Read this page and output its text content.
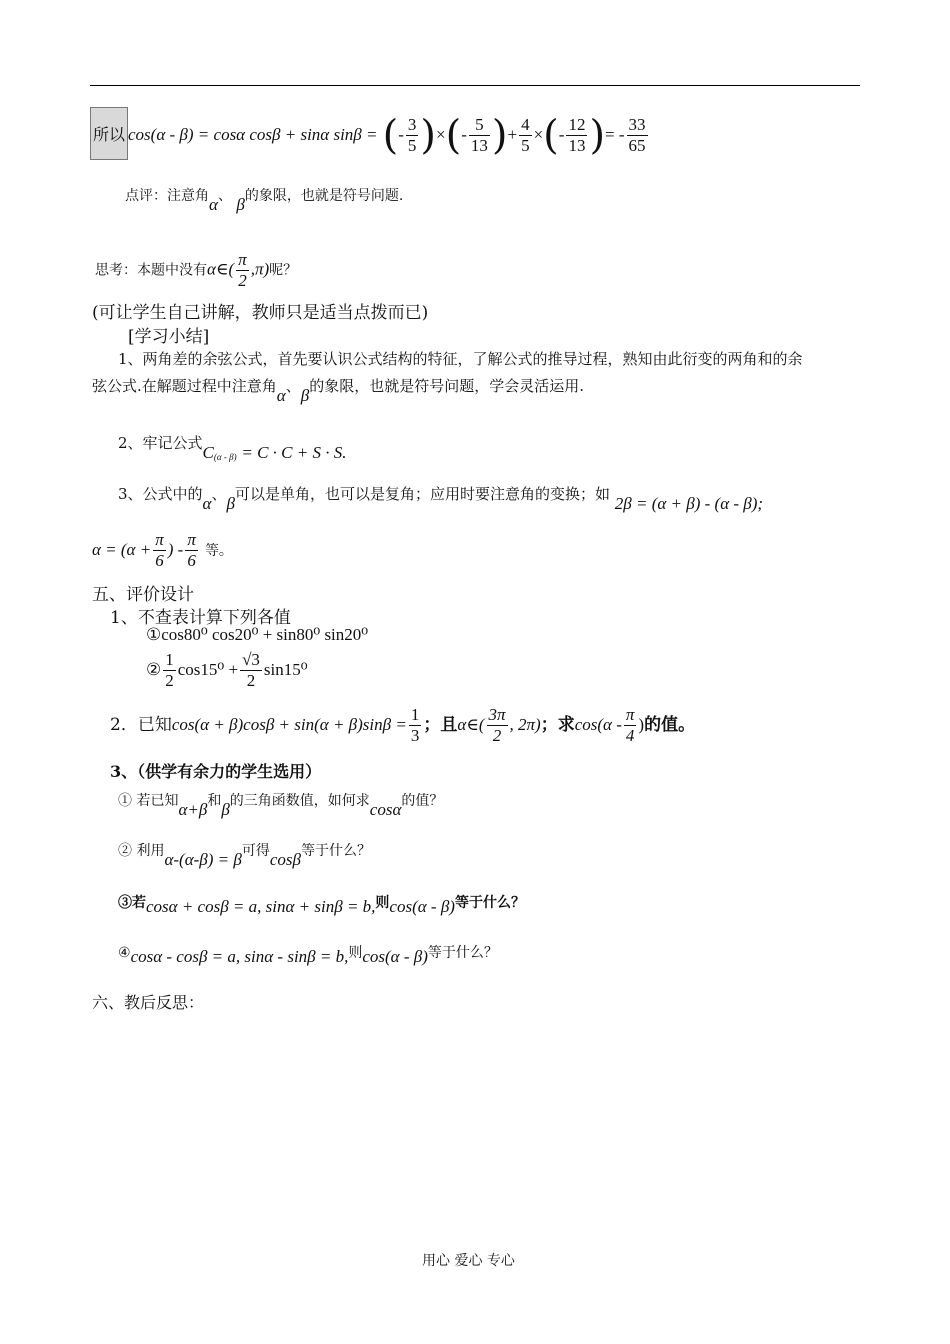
所以 cos(α - β) = cosα cosβ + sinα sinβ = (- $\frac{3}{5}$ )×(- $\frac{5}{13}$ )+ $\frac{4}{5}$ ×(- $\frac{12}{13}$ )= - $\frac{33}{65}$
点评：注意角α、 β的象限，也就是符号问题.
思考：本题中没有α∈( $\frac{\pi}{2} ,\pi$)呢？
(可让学生自己讲解，教师只是适当点拨而已)
[学习小结]
1、两角差的余弦公式，首先要认识公式结构的特征，了解公式的推导过程，熟知由此衍变的两角和的余
弦公式.在解题过程中注意角α、β的象限，也就是符号问题，学会灵活运用.
2、牢记公式$C_{(\alpha - \beta)} = C \cdot C + S \cdot S$.
3、公式中的α、β可以是单角，也可以是复角；应用时要注意角的变换；如 2β = (α + β) - (α - β);
$\alpha = (\alpha + \frac{\pi}{6}$ ) - $\frac{\pi}{6}$ 等。
五、评价设计
1、不查表计算下列各值
①cos80⁰ cos20⁰ + sin80⁰ sin20⁰
② $\frac{1}{2} \cos 15^0 + \frac{√3}{2} \sin 15^0$
2．已知$\cos(\alpha + \beta)\cos\beta + \sin(\alpha + \beta)\sin\beta = \frac{1}{3}$ ；且α∈( $\frac{3\pi}{2}$ , 2π)；求$\cos(\alpha - \frac{\pi}{4}$ )的值。
3、（供学有余力的学生选用）
① 若已知α+β和β的三角函数值，如何求cosα的值？
② 利用α-(α-β) = β可得cosβ等于什么？
③若cosα + cosβ = a, sinα + sinβ = b,则cos(α - β)等于什么？
④cosα - cosβ = a, sinα - sinβ = b,则cos(α - β)等于什么？
六、教后反思：
用心 爱心 专心
